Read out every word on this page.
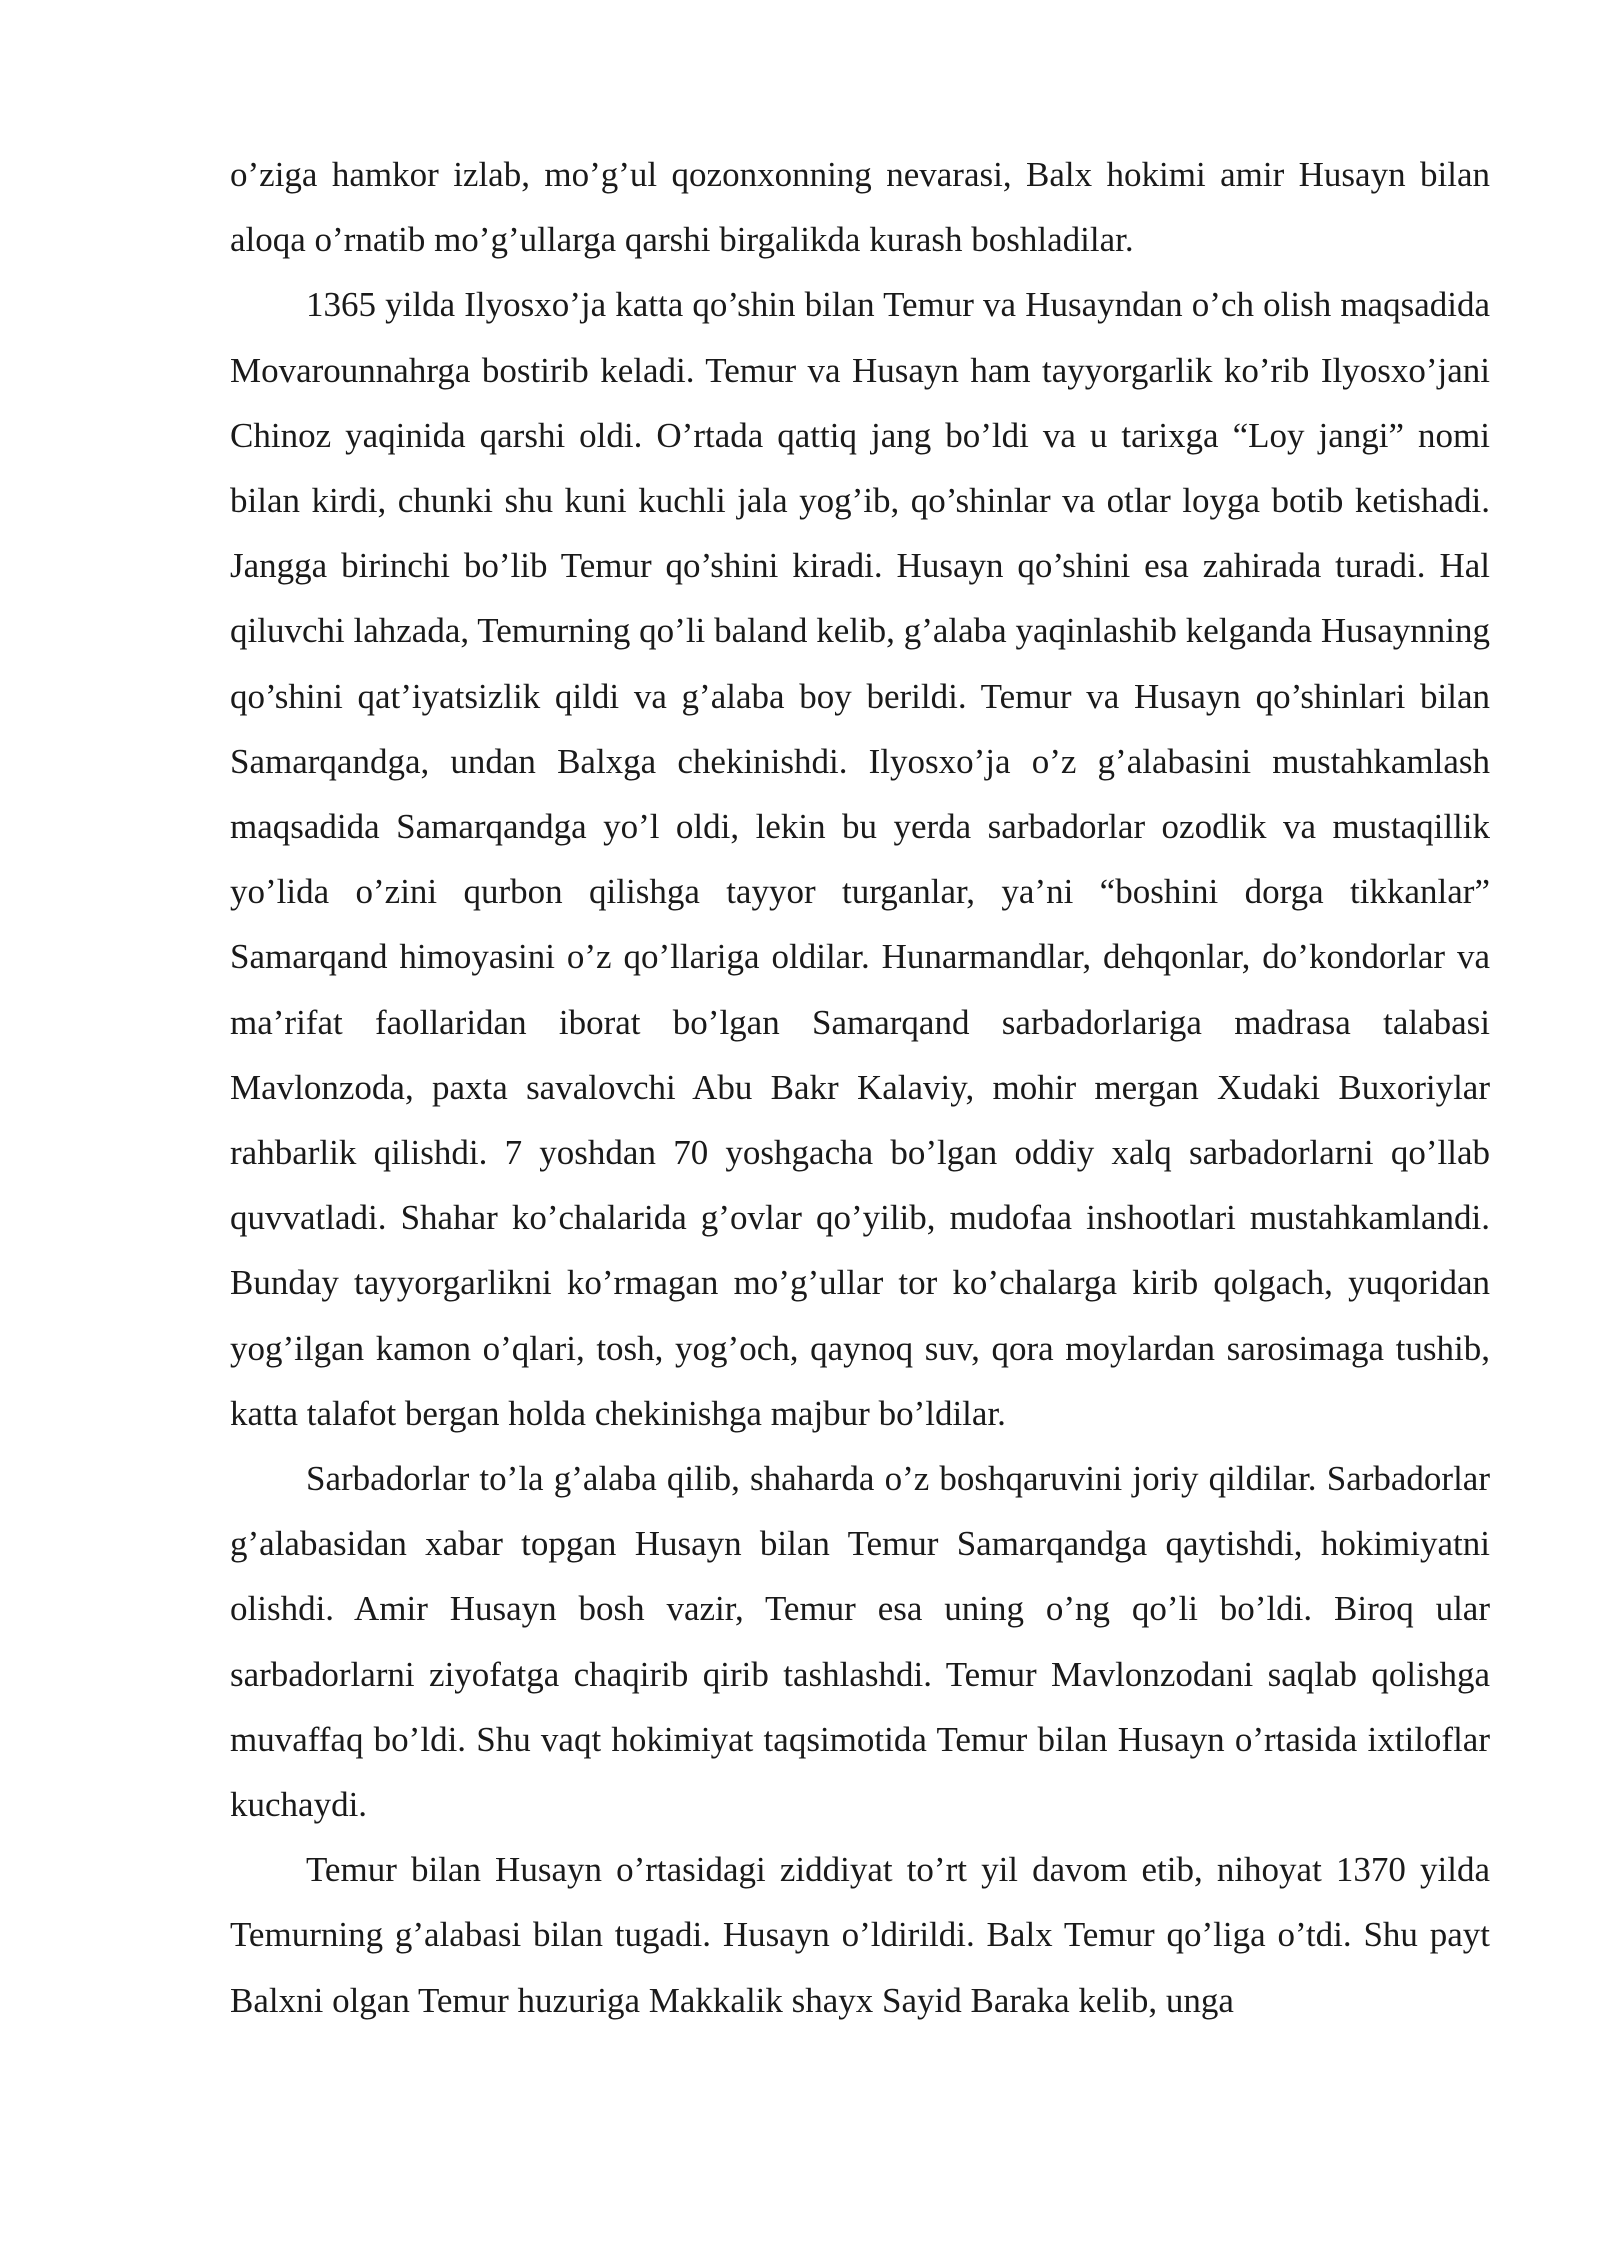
o’ziga hamkor izlab, mo’g’ul qozonxonning nevarasi, Balx hokimi amir Husayn bilan aloqa o’rnatib mo’g’ullarga qarshi birgalikda kurash boshladilar.

1365 yilda Ilyosxo’ja katta qo’shin bilan Temur va Husayndan o’ch olish maqsadida Movarounnahrga bostirib keladi. Temur va Husayn ham tayyorgarlik ko’rib Ilyosxo’jani Chinoz yaqinida qarshi oldi. O’rtada qattiq jang bo’ldi va u tarixga “Loy jangi” nomi bilan kirdi, chunki shu kuni kuchli jala yog’ib, qo’shinlar va otlar loyga botib ketishadi. Jangga birinchi bo’lib Temur qo’shini kiradi. Husayn qo’shini esa zahirada turadi. Hal qiluvchi lahzada, Temurning qo’li baland kelib, g’alaba yaqinlashib kelganda Husaynning qo’shini qat’iyatsizlik qildi va g’alaba boy berildi. Temur va Husayn qo’shinlari bilan Samarqandga, undan Balxga chekinishdi. Ilyosxo’ja o’z g’alabasini mustahkamlash maqsadida Samarqandga yo’l oldi, lekin bu yerda sarbadorlar ozodlik va mustaqillik yo’lida o’zini qurbon qilishga tayyor turganlar, ya’ni “boshini dorga tikkanlar” Samarqand himoyasini o’z qo’llariga oldilar. Hunarmandlar, dehqonlar, do’kondorlar va ma’rifat faollaridan iborat bo’lgan Samarqand sarbadorlariga madrasa talabasi Mavlonzoda, paxta savalovchi Abu Bakr Kalaviy, mohir mergan Xudaki Buxoriylar rahbarlik qilishdi. 7 yoshdan 70 yoshgacha bo’lgan oddiy xalq sarbadorlarni qo’llab quvvatladi. Shahar ko’chalarida g’ovlar qo’yilib, mudofaa inshootlari mustahkamlandi. Bunday tayyorgarlikni ko’rmagan mo’g’ullar tor ko’chalarga kirib qolgach, yuqoridan yog’ilgan kamon o’qlari, tosh, yog’och, qaynoq suv, qora moylardan sarosimaga tushib, katta talafot bergan holda chekinishga majbur bo’ldilar.

Sarbadorlar to’la g’alaba qilib, shaharda o’z boshqaruvini joriy qildilar. Sarbadorlar g’alabasidan xabar topgan Husayn bilan Temur Samarqandga qaytishdi, hokimiyatni olishdi. Amir Husayn bosh vazir, Temur esa uning o’ng qo’li bo’ldi. Biroq ular sarbadorlarni ziyofatga chaqirib qirib tashlashdi. Temur Mavlonzodani saqlab qolishga muvaffaq bo’ldi. Shu vaqt hokimiyat taqsimotida Temur bilan Husayn o’rtasida ixtiloflar kuchaydi.

Temur bilan Husayn o’rtasidagi ziddiyat to’rt yil davom etib, nihoyat 1370 yilda Temurning g’alabasi bilan tugadi. Husayn o’ldirildi. Balx Temur qo’liga o’tdi. Shu payt Balxni olgan Temur huzuriga Makkalik shayx Sayid Baraka kelib, unga
